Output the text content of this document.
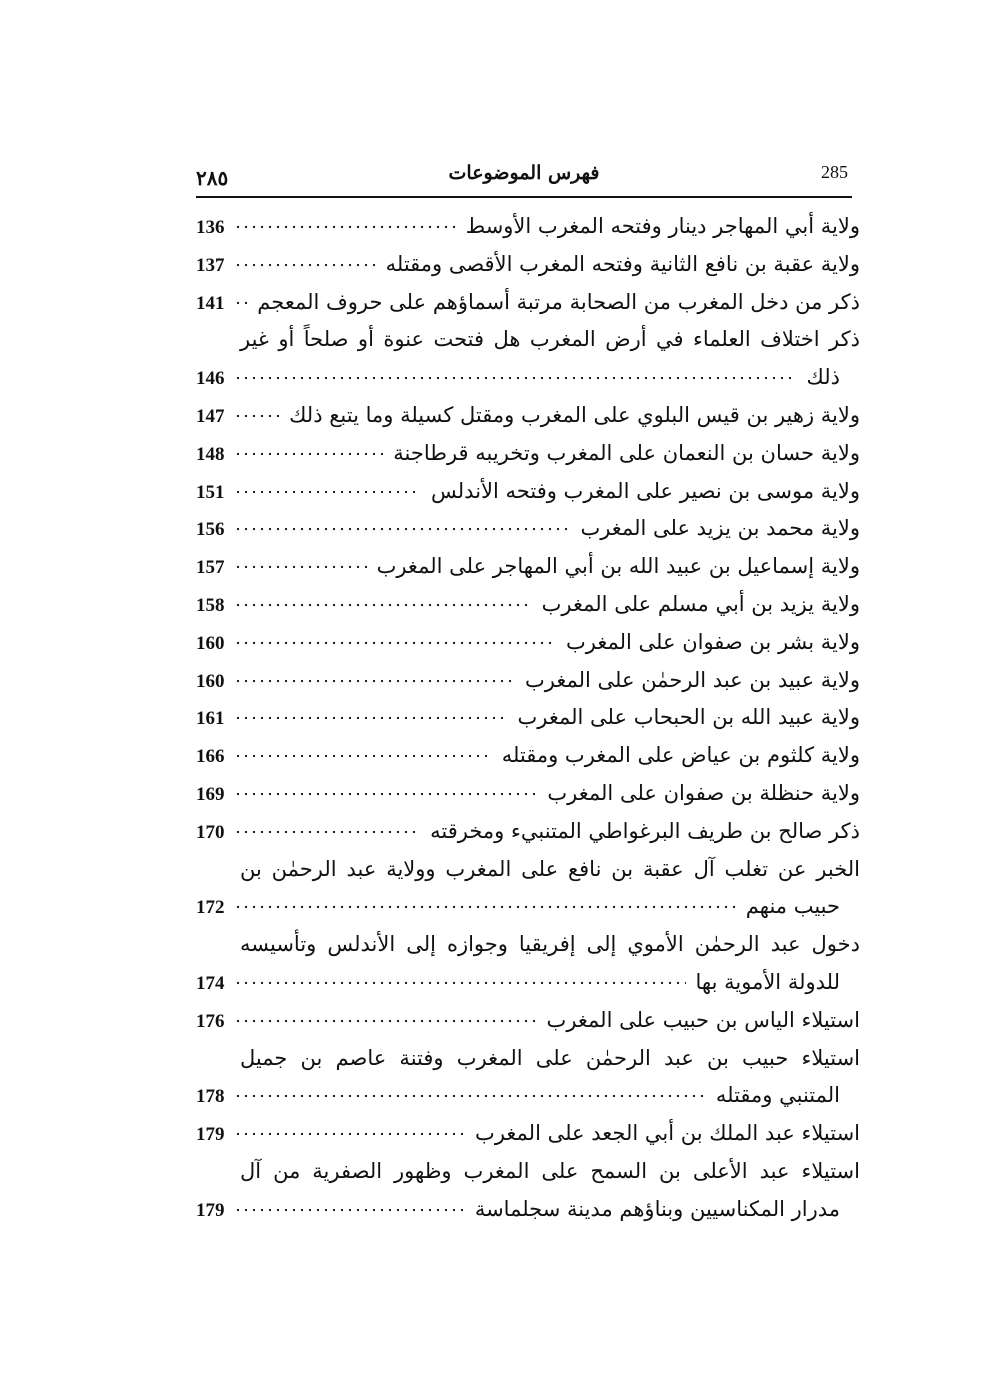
285
فهرس الموضوعات
٢٨٥
ولاية أبي المهاجر دينار وفتحه المغرب الأوسط
136
ولاية عقبة بن نافع الثانية وفتحه المغرب الأقصى ومقتله
137
ذكر من دخل المغرب من الصحابة مرتبة أسماؤهم على حروف المعجم
141
ذكر اختلاف العلماء في أرض المغرب هل فتحت عنوة أو صلحاً أو غير
ذلك
146
ولاية زهير بن قيس البلوي على المغرب ومقتل كسيلة وما يتبع ذلك
147
ولاية حسان بن النعمان على المغرب وتخريبه قرطاجنة
148
ولاية موسى بن نصير على المغرب وفتحه الأندلس
151
ولاية محمد بن يزيد على المغرب
156
ولاية إسماعيل بن عبيد الله بن أبي المهاجر على المغرب
157
ولاية يزيد بن أبي مسلم على المغرب
158
ولاية بشر بن صفوان على المغرب
160
ولاية عبيد بن عبد الرحمٰن على المغرب
160
ولاية عبيد الله بن الحبحاب على المغرب
161
ولاية كلثوم بن عياض على المغرب ومقتله
166
ولاية حنظلة بن صفوان على المغرب
169
ذكر صالح بن طريف البرغواطي المتنبيء ومخرقته
170
الخبر عن تغلب آل عقبة بن نافع على المغرب وولاية عبد الرحمٰن بن
حبيب منهم
172
دخول عبد الرحمٰن الأموي إلى إفريقيا وجوازه إلى الأندلس وتأسيسه
للدولة الأموية بها
174
استيلاء الياس بن حبيب على المغرب
176
استيلاء حبيب بن عبد الرحمٰن على المغرب وفتنة عاصم بن جميل
المتنبي ومقتله
178
استيلاء عبد الملك بن أبي الجعد على المغرب
179
استيلاء عبد الأعلى بن السمح على المغرب وظهور الصفرية من آل
مدرار المكناسيين وبناؤهم مدينة سجلماسة
179
